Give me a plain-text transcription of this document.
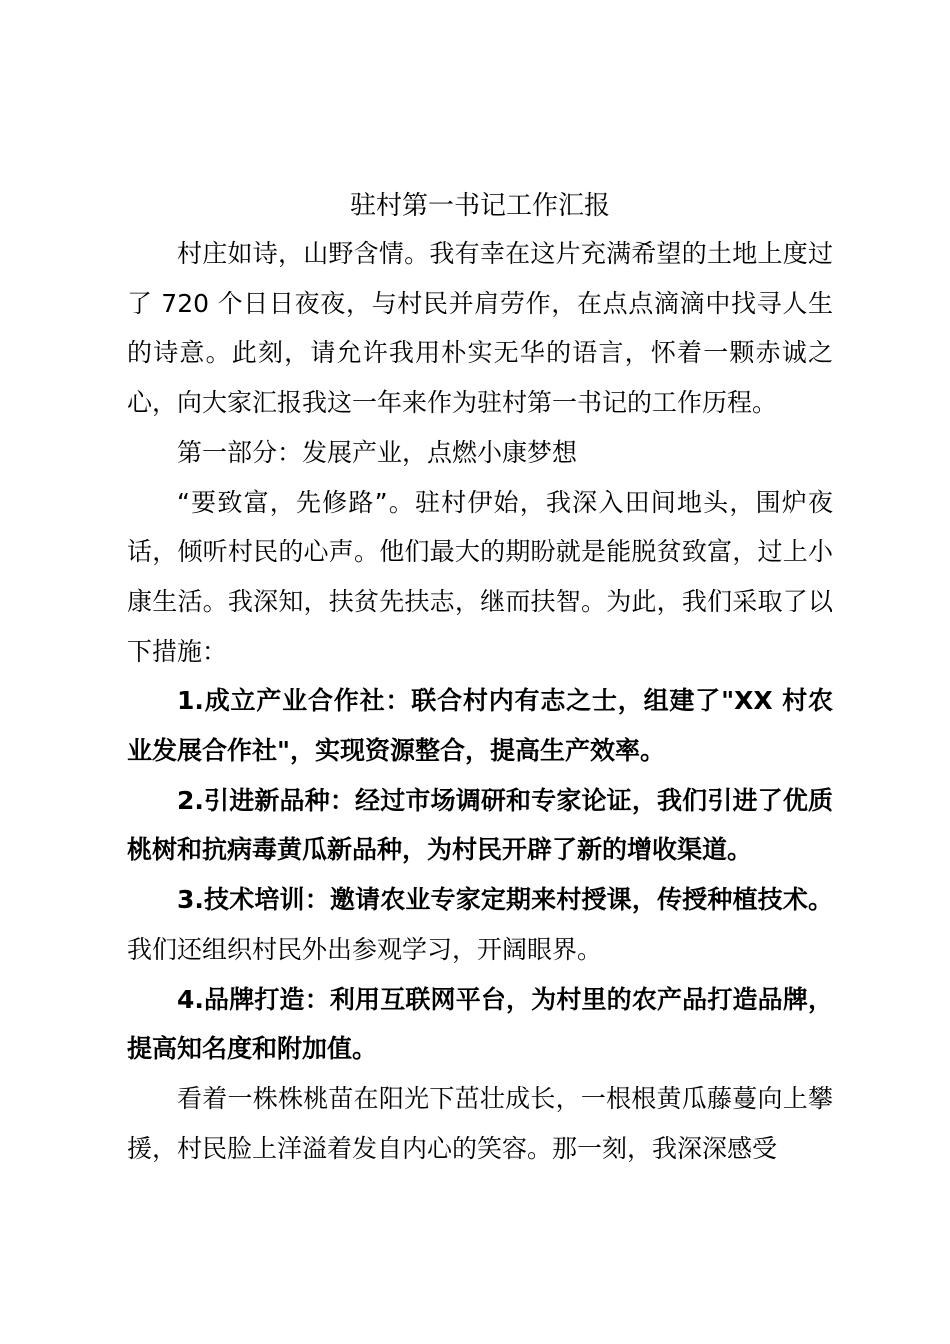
驻村第一书记工作汇报

村庄如诗，山野含情。我有幸在这片充满希望的土地上度过了 720 个日日夜夜，与村民并肩劳作，在点点滴滴中找寻人生的诗意。此刻，请允许我用朴实无华的语言，怀着一颗赤诚之心，向大家汇报我这一年来作为驻村第一书记的工作历程。

第一部分：发展产业，点燃小康梦想

“要致富，先修路”。驻村伊始，我深入田间地头，围炉夜话，倾听村民的心声。他们最大的期盼就是能脱贫致富，过上小康生活。我深知，扶贫先扶志，继而扶智。为此，我们采取了以下措施：

1.成立产业合作社：联合村内有志之士，组建了"XX 村农业发展合作社"，实现资源整合，提高生产效率。

2.引进新品种：经过市场调研和专家论证，我们引进了优质桃树和抗病毒黄瓜新品种，为村民开辟了新的增收渠道。

3.技术培训：邀请农业专家定期来村授课，传授种植技术。我们还组织村民外出参观学习，开阔眼界。

4.品牌打造：利用互联网平台，为村里的农产品打造品牌，提高知名度和附加值。

看着一株株桃苗在阳光下茁壮成长，一根根黄瓜藤蔓向上攀援，村民脸上洋溢着发自内心的笑容。那一刻，我深深感受
